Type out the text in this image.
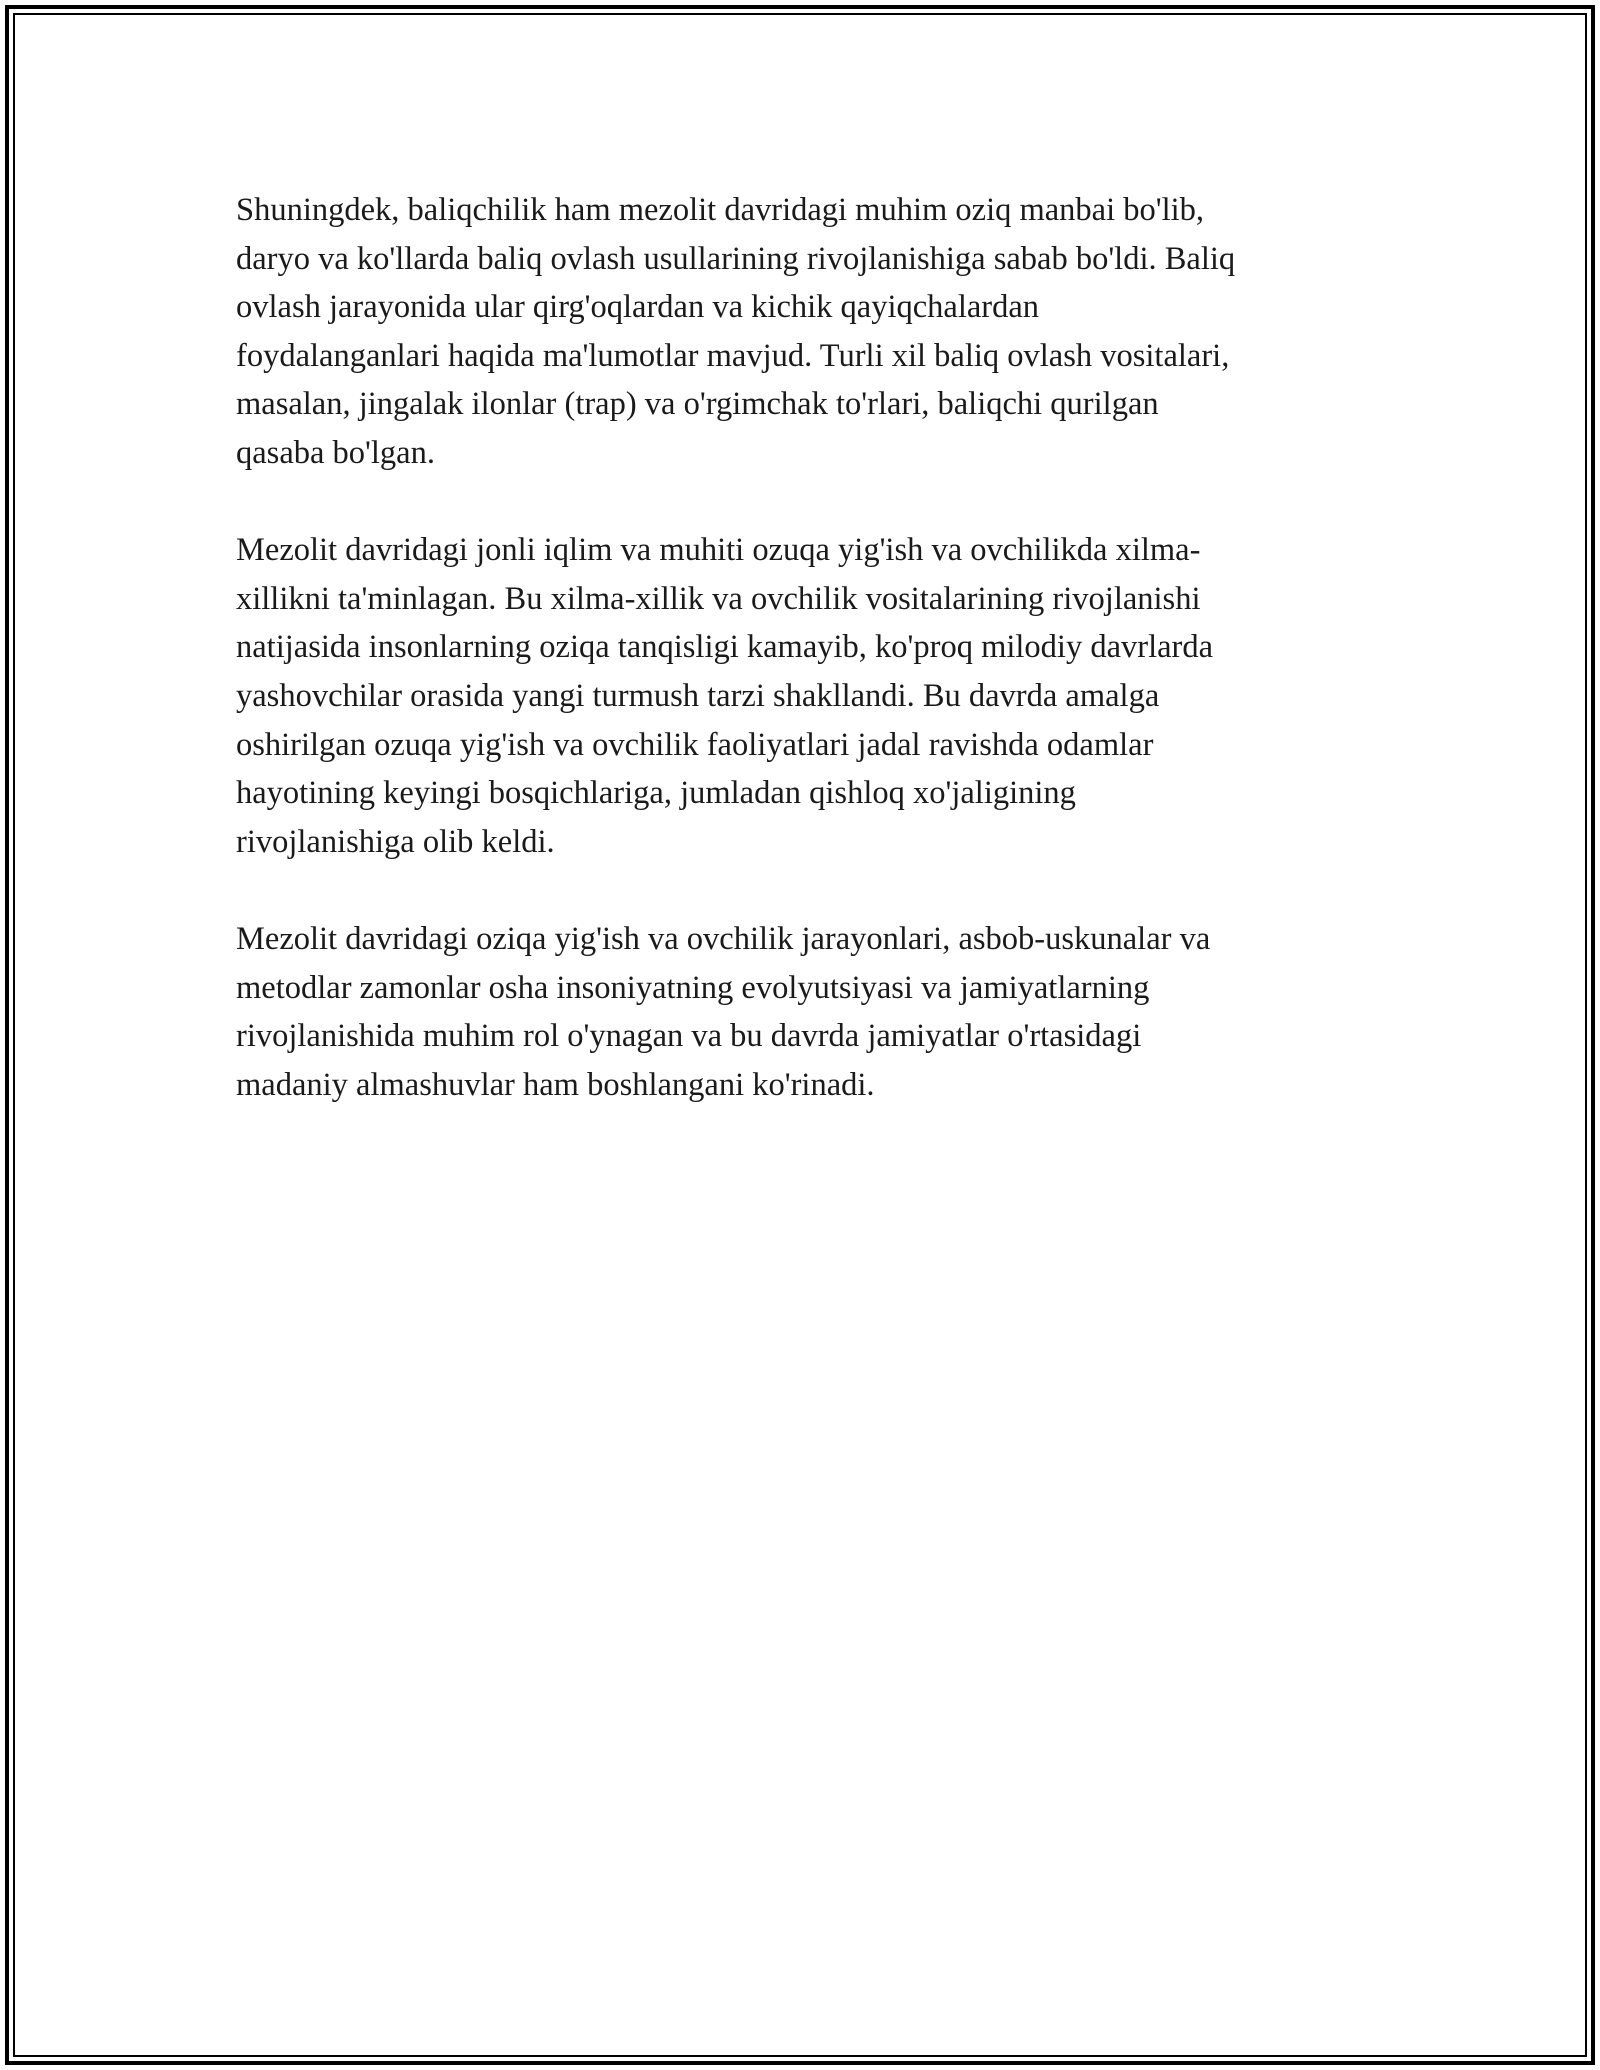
Shuningdek, baliqchilik ham mezolit davridagi muhim oziq manbai bo'lib,
daryo va ko'llarda baliq ovlash usullarining rivojlanishiga sabab bo'ldi. Baliq
ovlash jarayonida ular qirg'oqlardan va kichik qayiqchalardan
foydalanganlari haqida ma'lumotlar mavjud. Turli xil baliq ovlash vositalari,
masalan, jingalak ilonlar (trap) va o'rgimchak to'rlari, baliqchi qurilgan
qasaba bo'lgan.

Mezolit davridagi jonli iqlim va muhiti ozuqa yig'ish va ovchilikda xilma-
xillikni ta'minlagan. Bu xilma-xillik va ovchilik vositalarining rivojlanishi
natijasida insonlarning oziqa tanqisligi kamayib, ko'proq milodiy davrlarda
yashovchilar orasida yangi turmush tarzi shakllandi. Bu davrda amalga
oshirilgan ozuqa yig'ish va ovchilik faoliyatlari jadal ravishda odamlar
hayotining keyingi bosqichlariga, jumladan qishloq xo'jaligining
rivojlanishiga olib keldi.

Mezolit davridagi oziqa yig'ish va ovchilik jarayonlari, asbob-uskunalar va
metodlar zamonlar osha insoniyatning evolyutsiyasi va jamiyatlarning
rivojlanishida muhim rol o'ynagan va bu davrda jamiyatlar o'rtasidagi
madaniy almashuvlar ham boshlangani ko'rinadi.
